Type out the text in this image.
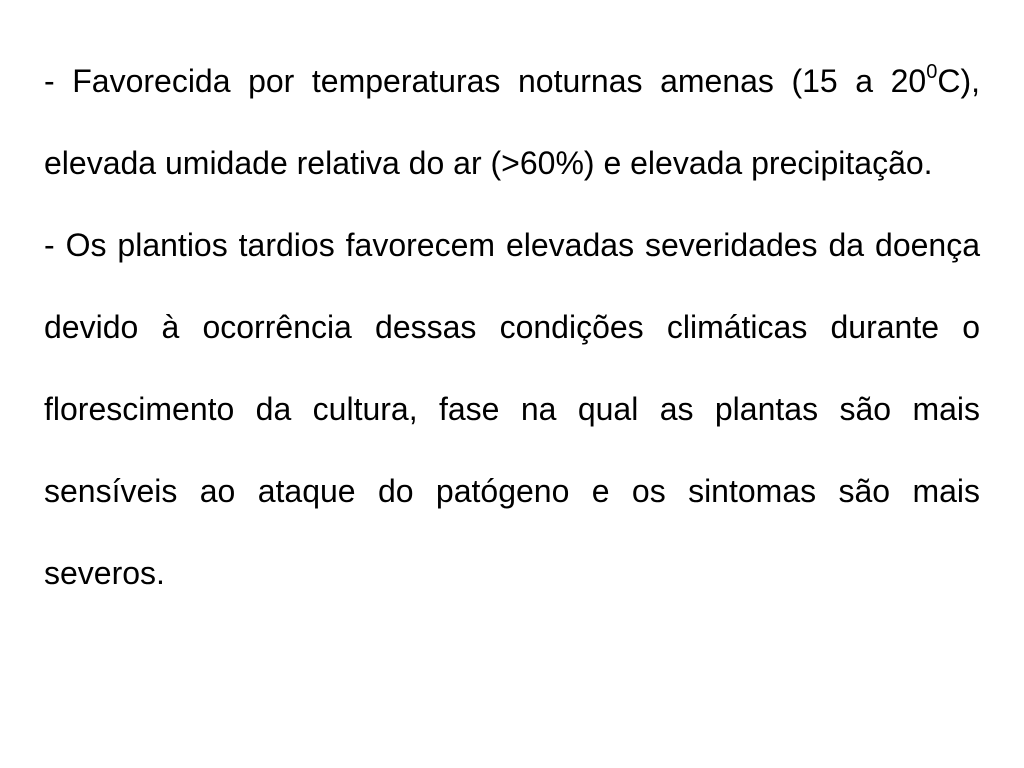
- Favorecida por temperaturas noturnas amenas (15 a $20^0C$), elevada umidade relativa do ar (>60%) e elevada precipitação.

- Os plantios tardios favorecem elevadas severidades da doença devido à ocorrência dessas condições climáticas durante o florescimento da cultura, fase na qual as plantas são mais sensíveis ao ataque do patógeno e os sintomas são mais severos.
